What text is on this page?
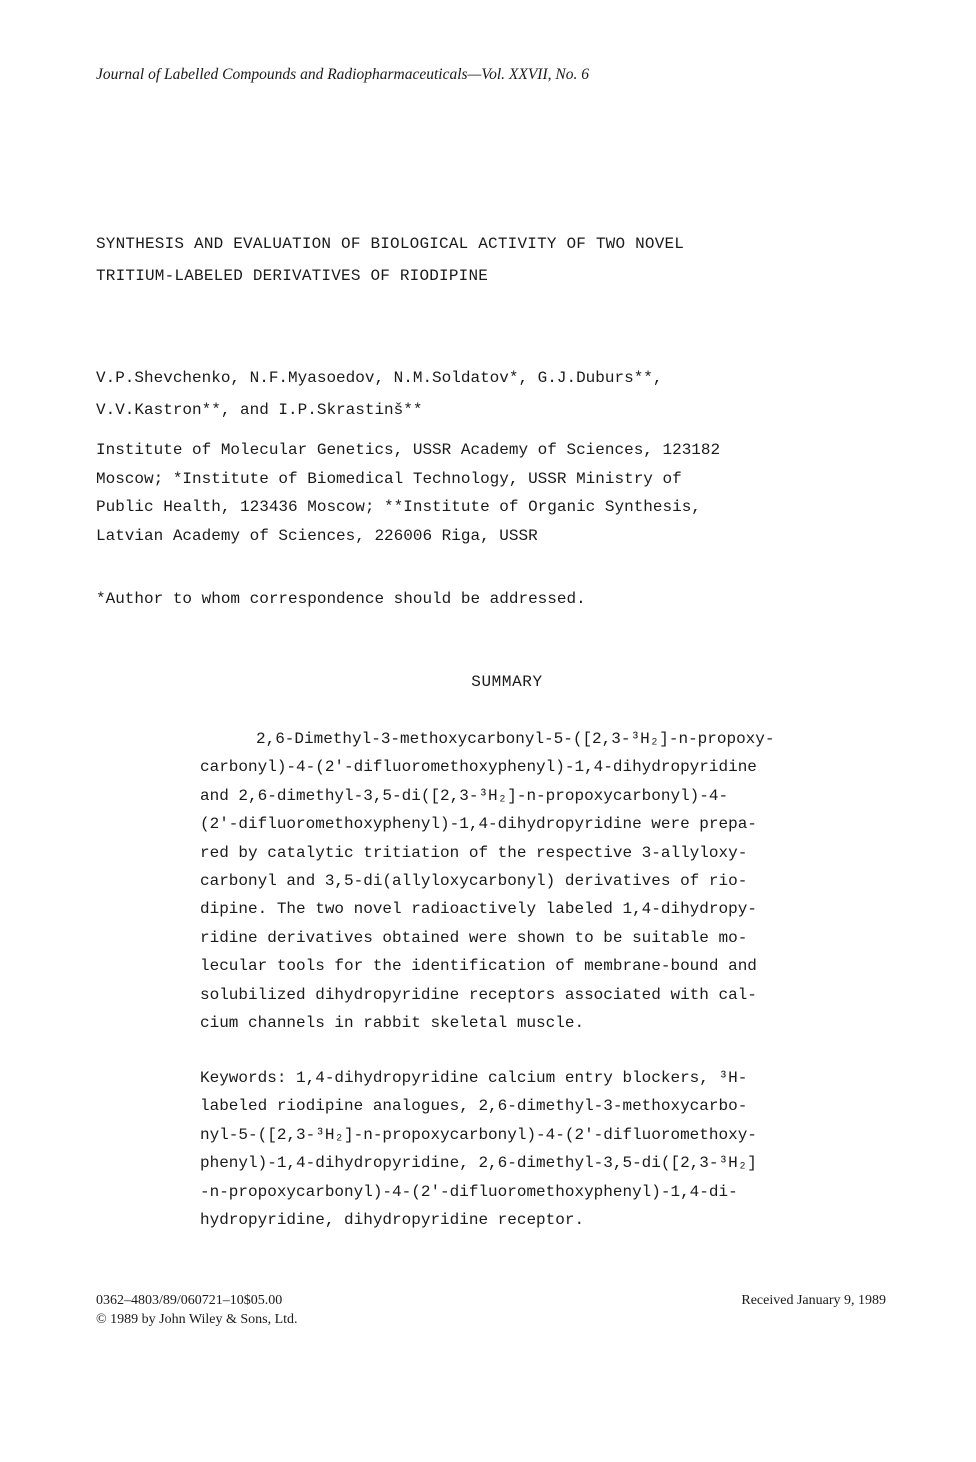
Journal of Labelled Compounds and Radiopharmaceuticals—Vol. XXVII, No. 6
SYNTHESIS AND EVALUATION OF BIOLOGICAL ACTIVITY OF TWO NOVEL
TRITIUM-LABELED DERIVATIVES OF RIODIPINE
V.P.Shevchenko, N.F.Myasoedov, N.M.Soldatov*, G.J.Duburs**,
V.V.Kastron**, and I.P.Skrastinš**
Institute of Molecular Genetics, USSR Academy of Sciences, 123182
Moscow; *Institute of Biomedical Technology, USSR Ministry of
Public Health, 123436 Moscow; **Institute of Organic Synthesis,
Latvian Academy of Sciences, 226006 Riga, USSR
*Author to whom correspondence should be addressed.
SUMMARY
2,6-Dimethyl-3-methoxycarbonyl-5-([2,3-³H₂]-n-propoxy-
carbonyl)-4-(2'-difluoromethoxyphenyl)-1,4-dihydropyridine
and 2,6-dimethyl-3,5-di([2,3-³H₂]-n-propoxycarbonyl)-4-
(2'-difluoromethoxyphenyl)-1,4-dihydropyridine were prepa-
red by catalytic tritiation of the respective 3-allyloxy-
carbonyl and 3,5-di(allyloxycarbonyl) derivatives of rio-
dipine. The two novel radioactively labeled 1,4-dihydropy-
ridine derivatives obtained were shown to be suitable mo-
lecular tools for the identification of membrane-bound and
solubilized dihydropyridine receptors associated with cal-
cium channels in rabbit skeletal muscle.
Keywords: 1,4-dihydropyridine calcium entry blockers, ³H-
labeled riodipine analogues, 2,6-dimethyl-3-methoxycarbo-
nyl-5-([2,3-³H₂]-n-propoxycarbonyl)-4-(2'-difluoromethoxy-
phenyl)-1,4-dihydropyridine, 2,6-dimethyl-3,5-di([2,3-³H₂]
-n-propoxycarbonyl)-4-(2'-difluoromethoxyphenyl)-1,4-di-
hydropyridine, dihydropyridine receptor.
0362–4803/89/060721–10$05.00
© 1989 by John Wiley & Sons, Ltd.
Received January 9, 1989
